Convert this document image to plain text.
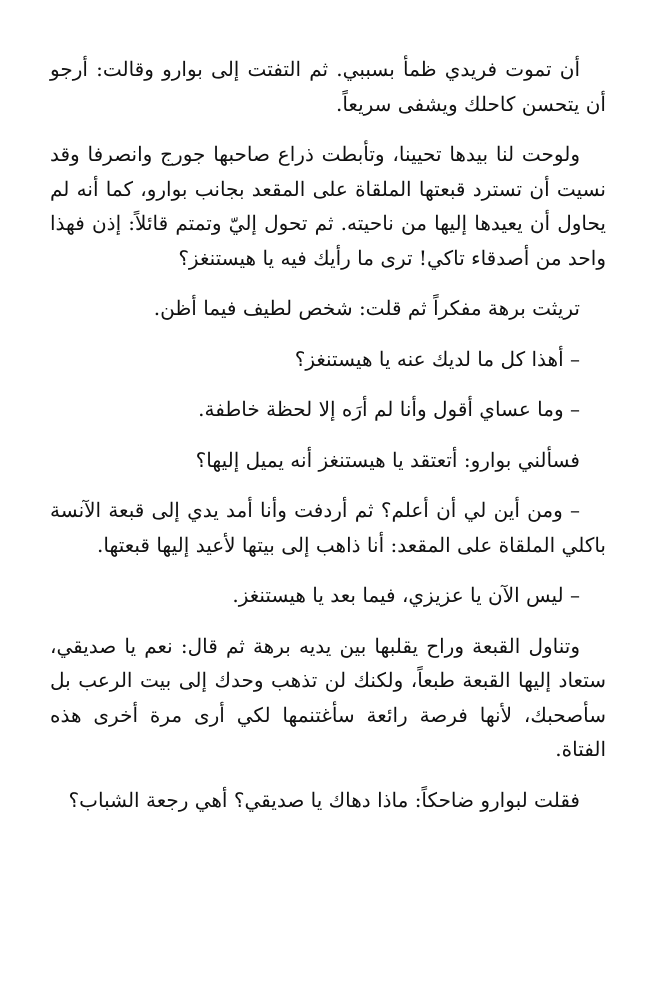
أن تموت فريدي ظمأ بسببي. ثم التفتت إلى بوارو وقالت: أرجو أن يتحسن كاحلك ويشفى سريعاً.

ولوحت لنا بيدها تحيينا، وتأبطت ذراع صاحبها جورج وانصرفا وقد نسيت أن تسترد قبعتها الملقاة على المقعد بجانب بوارو، كما أنه لم يحاول أن يعيدها إليها من ناحيته. ثم تحول إليّ وتمتم قائلاً: إذن فهذا واحد من أصدقاء تاكي! ترى ما رأيك فيه يا هيستنغز؟

تريثت برهة مفكراً ثم قلت: شخص لطيف فيما أظن.

– أهذا كل ما لديك عنه يا هيستنغز؟

– وما عساي أقول وأنا لم أرَه إلا لحظة خاطفة.

فسألني بوارو: أتعتقد يا هيستنغز أنه يميل إليها؟

– ومن أين لي أن أعلم؟ ثم أردفت وأنا أمد يدي إلى قبعة الآنسة باكلي الملقاة على المقعد: أنا ذاهب إلى بيتها لأعيد إليها قبعتها.

– ليس الآن يا عزيزي، فيما بعد يا هيستنغز.

وتناول القبعة وراح يقلبها بين يديه برهة ثم قال: نعم يا صديقي، ستعاد إليها القبعة طبعاً، ولكنك لن تذهب وحدك إلى بيت الرعب بل سأصحبك، لأنها فرصة رائعة سأغتنمها لكي أرى مرة أخرى هذه الفتاة.

فقلت لبوارو ضاحكاً: ماذا دهاك يا صديقي؟ أهي رجعة الشباب؟
